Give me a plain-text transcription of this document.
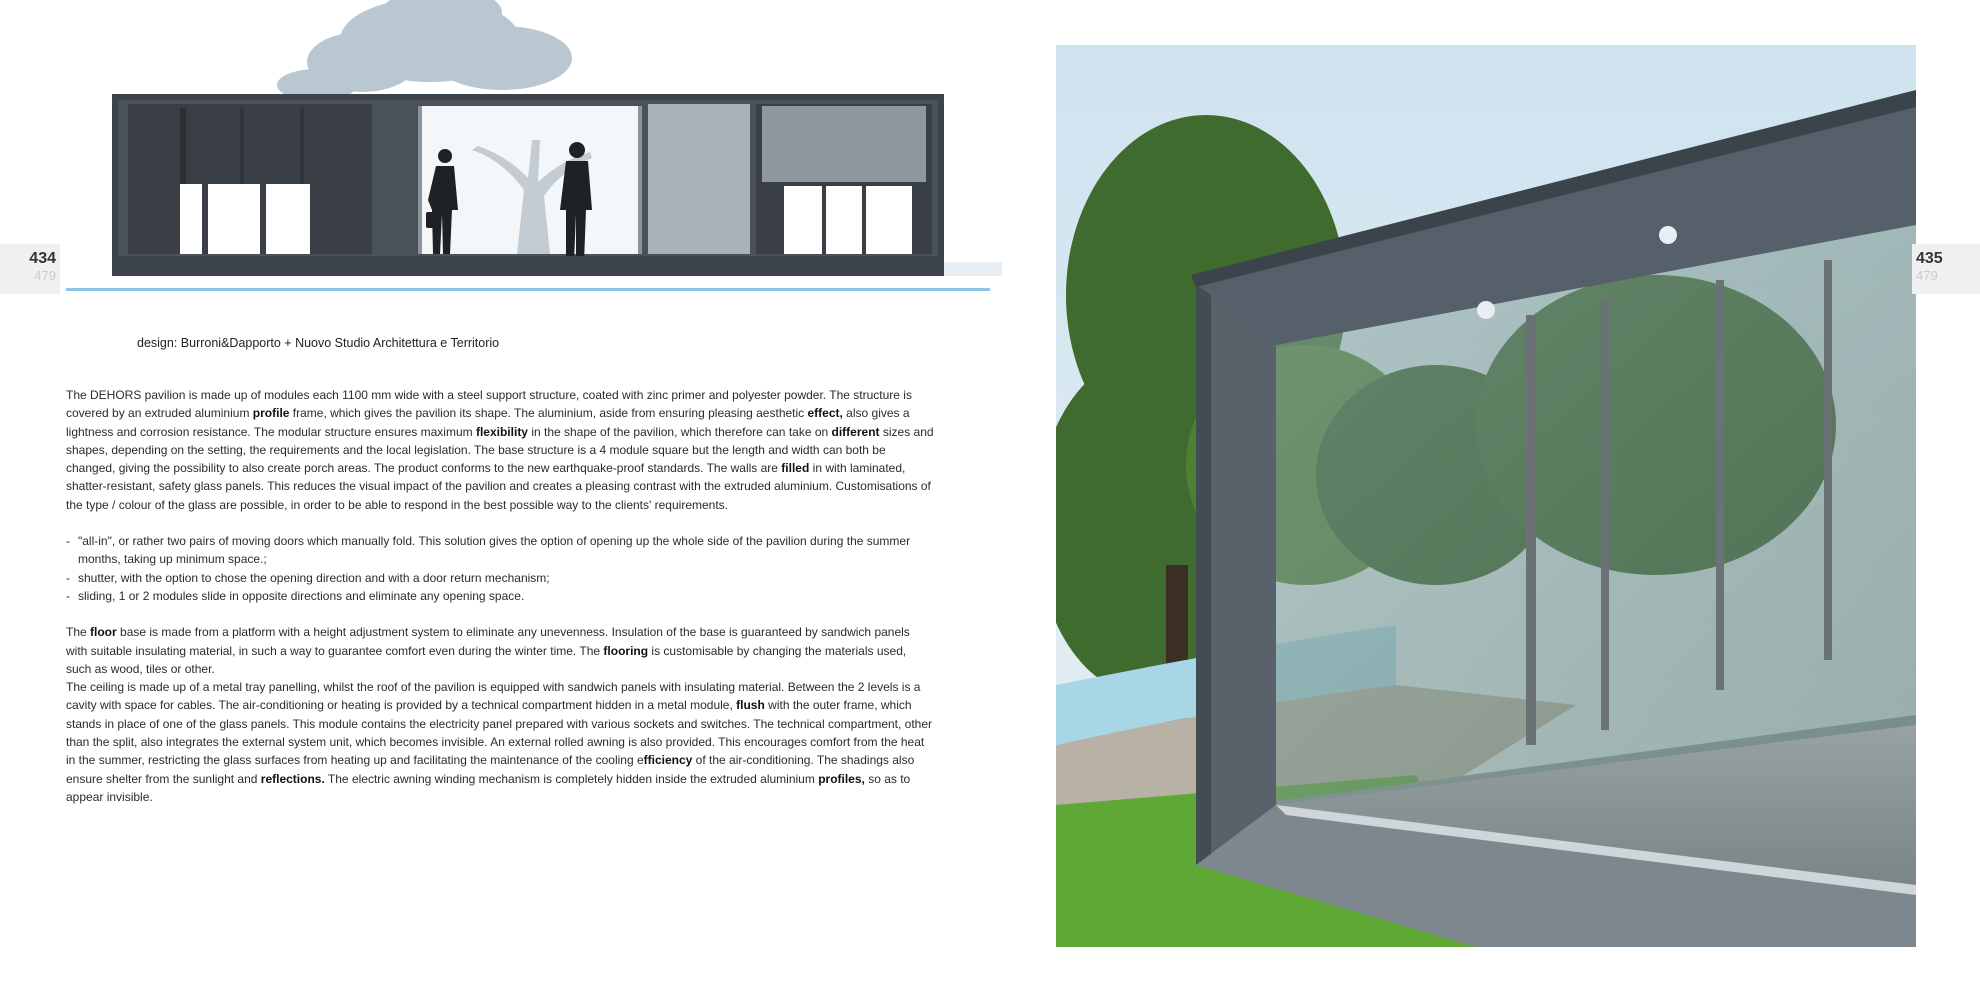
434
479
design: Burroni&Dapporto + Nuovo Studio Architettura e Territorio

The DEHORS pavilion is made up of modules each 1100 mm wide with a steel support structure, coated with zinc primer and polyester powder. The structure is covered by an extruded aluminium profile frame, which gives the pavilion its shape. The aluminium, aside from ensuring pleasing aesthetic effect, also gives a lightness and corrosion resistance. The modular structure ensures maximum flexibility in the shape of the pavilion, which therefore can take on different sizes and shapes, depending on the setting, the requirements and the local legislation. The base structure is a 4 module square but the length and width can both be changed, giving the possibility to also create porch areas. The product conforms to the new earthquake-proof standards. The walls are filled in with laminated, shatter-resistant, safety glass panels. This reduces the visual impact of the pavilion and creates a pleasing contrast with the extruded aluminium. Customisations of the type / colour of the glass are possible, in order to be able to respond in the best possible way to the clients' requirements.

- "all-in", or rather two pairs of moving doors which manually fold. This solution gives the option of opening up the whole side of the pavilion during the summer months, taking up minimum space.;
- shutter, with the option to chose the opening direction and with a door return mechanism;
- sliding, 1 or 2 modules slide in opposite directions and eliminate any opening space.

The floor base is made from a platform with a height adjustment system to eliminate any unevenness. Insulation of the base is guaranteed by sandwich panels with suitable insulating material, in such a way to guarantee comfort even during the winter time. The flooring is customisable by changing the materials used, such as wood, tiles or other.

The ceiling is made up of a metal tray panelling, whilst the roof of the pavilion is equipped with sandwich panels with insulating material. Between the 2 levels is a cavity with space for cables. The air-conditioning or heating is provided by a technical compartment hidden in a metal module, flush with the outer frame, which stands in place of one of the glass panels. This module contains the electricity panel prepared with various sockets and switches. The technical compartment, other than the split, also integrates the external system unit, which becomes invisible. An external rolled awning is also provided. This encourages comfort from the heat in the summer, restricting the glass surfaces from heating up and facilitating the maintenance of the cooling efficiency of the air-conditioning. The shadings also ensure shelter from the sunlight and reflections. The electric awning winding mechanism is completely hidden inside the extruded aluminium profiles, so as to appear invisible.

435
479
